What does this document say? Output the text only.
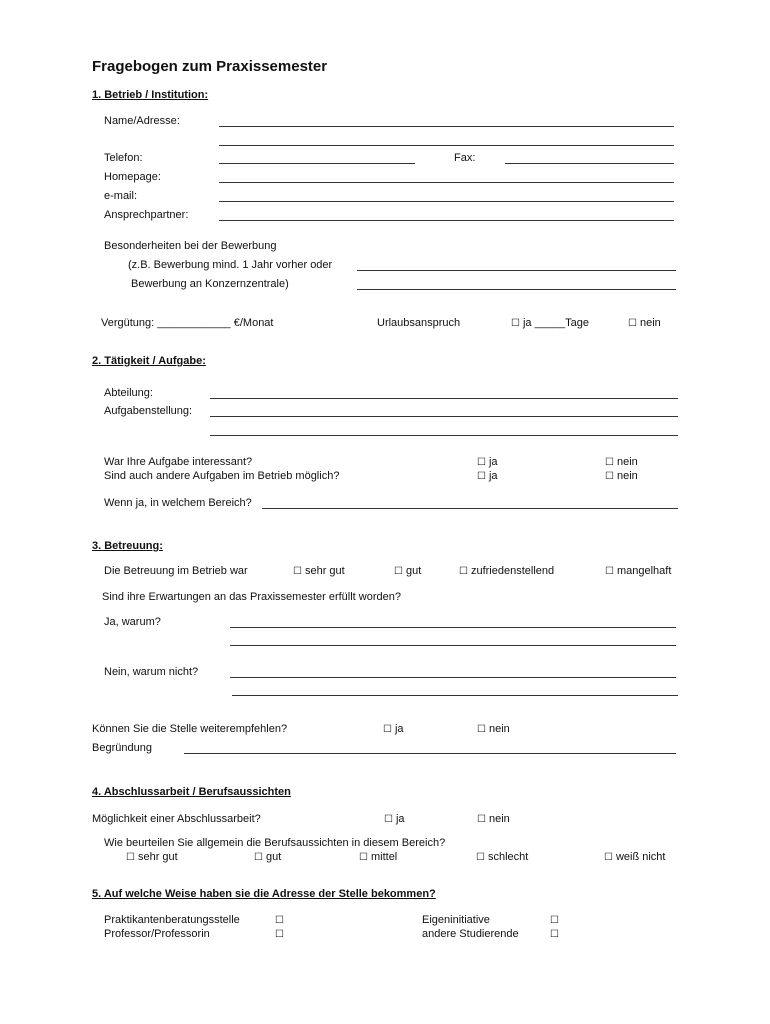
Fragebogen zum Praxissemester
1. Betrieb / Institution:
Name/Adresse:
Telefon:	Fax:
Homepage:
e-mail:
Ansprechpartner:
Besonderheiten bei der Bewerbung
(z.B. Bewerbung mind. 1 Jahr vorher oder
Bewerbung an Konzernzentrale)
Vergütung: ____________ €/Monat	Urlaubsanspruch	☐ ja _____Tage	☐ nein
2. Tätigkeit / Aufgabe:
Abteilung:
Aufgabenstellung:
War Ihre Aufgabe interessant?	☐ ja	☐ nein
Sind auch andere Aufgaben im Betrieb möglich?	☐ ja	☐ nein
Wenn ja, in welchem Bereich?
3. Betreuung:
Die Betreuung im Betrieb war	☐ sehr gut	☐ gut	☐ zufriedenstellend	☐ mangelhaft
Sind ihre Erwartungen an das Praxissemester erfüllt worden?
Ja, warum?
Nein, warum nicht?
Können Sie die Stelle weiterempfehlen?	☐ ja	☐ nein
Begründung
4. Abschlussarbeit / Berufsaussichten
Möglichkeit einer Abschlussarbeit?	☐ ja	☐ nein
Wie beurteilen Sie allgemein die Berufsaussichten in diesem Bereich?
☐ sehr gut	☐ gut	☐ mittel	☐ schlecht	☐ weiß nicht
5. Auf welche Weise haben sie die Adresse der Stelle bekommen?
Praktikantenberatungsstelle	☐	Eigeninitiative	☐
Professor/Professorin	☐	andere Studierende	☐
